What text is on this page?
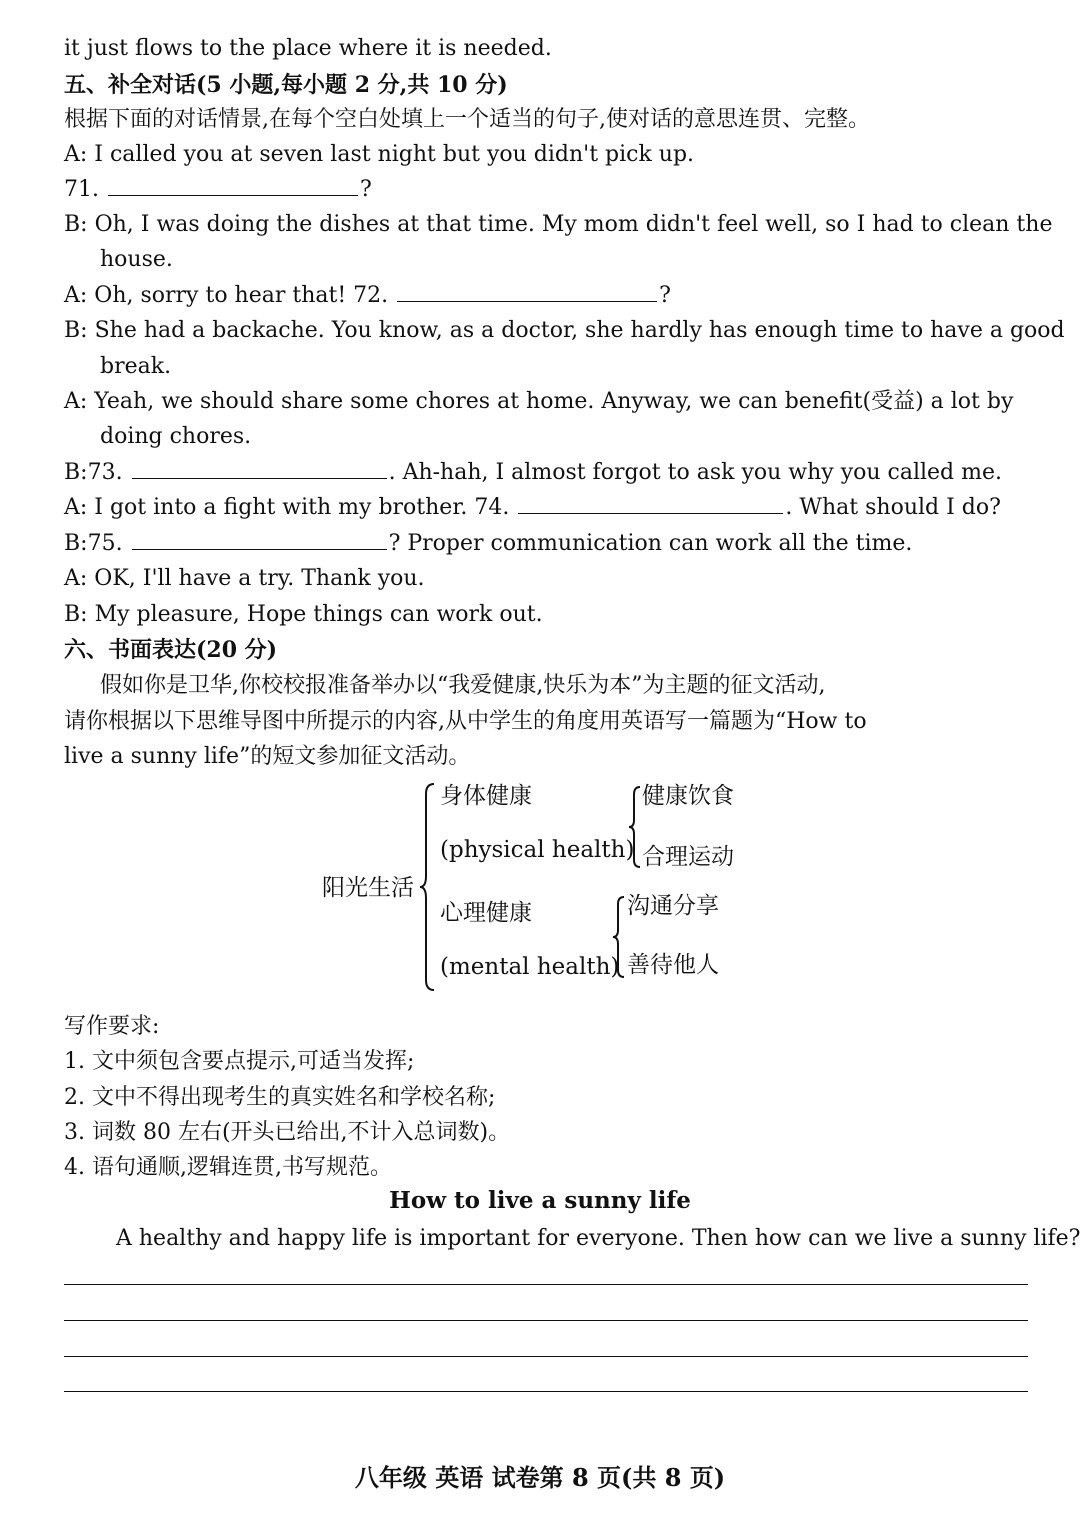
it just flows to the place where it is needed.
五、补全对话(5 小题,每小题 2 分,共 10 分)
根据下面的对话情景,在每个空白处填上一个适当的句子,使对话的意思连贯、完整。
A: I called you at seven last night but you didn't pick up.
71.	?
B: Oh, I was doing the dishes at that time. My mom didn't feel well, so I had to clean the
house.
A: Oh, sorry to hear that! 72.	?
B: She had a backache. You know, as a doctor, she hardly has enough time to have a good
break.
A: Yeah, we should share some chores at home. Anyway, we can benefit(受益) a lot by
doing chores.
B:73.	. Ah-hah, I almost forgot to ask you why you called me.
A: I got into a fight with my brother. 74.	. What should I do?
B:75.	? Proper communication can work all the time.
A: OK, I'll have a try. Thank you.
B: My pleasure, Hope things can work out.
六、书面表达(20 分)
假如你是卫华,你校校报准备举办以“我爱健康,快乐为本”为主题的征文活动,
请你根据以下思维导图中所提示的内容,从中学生的角度用英语写一篇题为“How to
live a sunny life”的短文参加征文活动。
阳光生活
身体健康
(physical health)
健康饮食
合理运动
心理健康
(mental health)
沟通分享
善待他人
写作要求:
1. 文中须包含要点提示,可适当发挥;
2. 文中不得出现考生的真实姓名和学校名称;
3. 词数 80 左右(开头已给出,不计入总词数)。
4. 语句通顺,逻辑连贯,书写规范。
How to live a sunny life
A healthy and happy life is important for everyone. Then how can we live a sunny life?
八年级 英语 试卷第 8 页(共 8 页)
